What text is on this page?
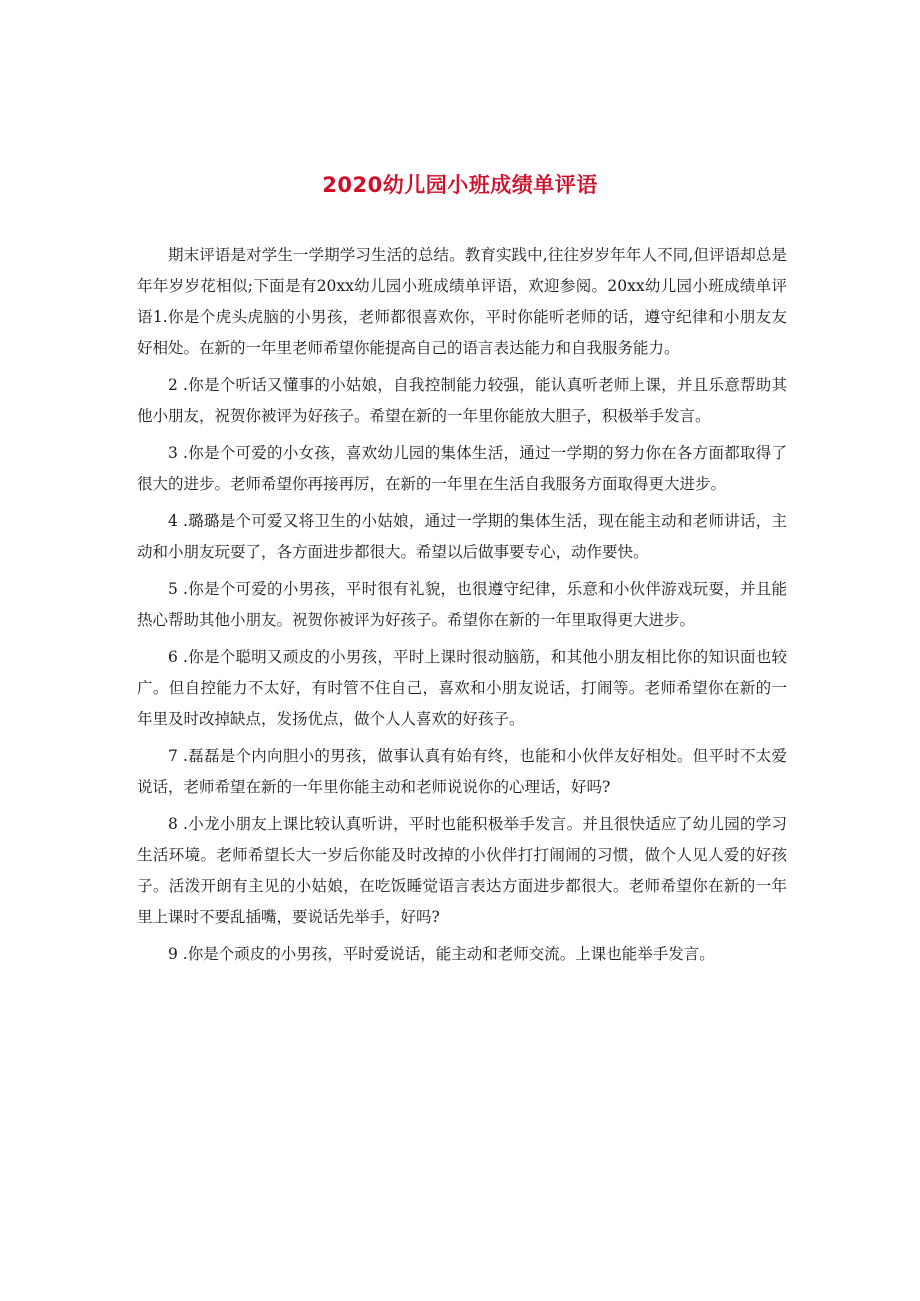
2020幼儿园小班成绩单评语

期末评语是对学生一学期学习生活的总结。教育实践中,往往岁岁年年人不同,但评语却总是年年岁岁花相似;下面是有20xx幼儿园小班成绩单评语，欢迎参阅。20xx幼儿园小班成绩单评语1.你是个虎头虎脑的小男孩，老师都很喜欢你，平时你能听老师的话，遵守纪律和小朋友友好相处。在新的一年里老师希望你能提高自己的语言表达能力和自我服务能力。

2 .你是个听话又懂事的小姑娘，自我控制能力较强，能认真听老师上课，并且乐意帮助其他小朋友，祝贺你被评为好孩子。希望在新的一年里你能放大胆子，积极举手发言。

3 .你是个可爱的小女孩，喜欢幼儿园的集体生活，通过一学期的努力你在各方面都取得了很大的进步。老师希望你再接再厉，在新的一年里在生活自我服务方面取得更大进步。

4 .璐璐是个可爱又将卫生的小姑娘，通过一学期的集体生活，现在能主动和老师讲话，主动和小朋友玩耍了，各方面进步都很大。希望以后做事要专心，动作要快。

5 .你是个可爱的小男孩，平时很有礼貌，也很遵守纪律，乐意和小伙伴游戏玩耍，并且能热心帮助其他小朋友。祝贺你被评为好孩子。希望你在新的一年里取得更大进步。

6 .你是个聪明又顽皮的小男孩，平时上课时很动脑筋，和其他小朋友相比你的知识面也较广。但自控能力不太好，有时管不住自己，喜欢和小朋友说话，打闹等。老师希望你在新的一年里及时改掉缺点，发扬优点，做个人人喜欢的好孩子。

7 .磊磊是个内向胆小的男孩，做事认真有始有终，也能和小伙伴友好相处。但平时不太爱说话，老师希望在新的一年里你能主动和老师说说你的心理话，好吗?

8 .小龙小朋友上课比较认真听讲，平时也能积极举手发言。并且很快适应了幼儿园的学习生活环境。老师希望长大一岁后你能及时改掉的小伙伴打打闹闹的习惯，做个人见人爱的好孩子。活泼开朗有主见的小姑娘，在吃饭睡觉语言表达方面进步都很大。老师希望你在新的一年里上课时不要乱插嘴，要说话先举手，好吗?

9 .你是个顽皮的小男孩，平时爱说话，能主动和老师交流。上课也能举手发言。
